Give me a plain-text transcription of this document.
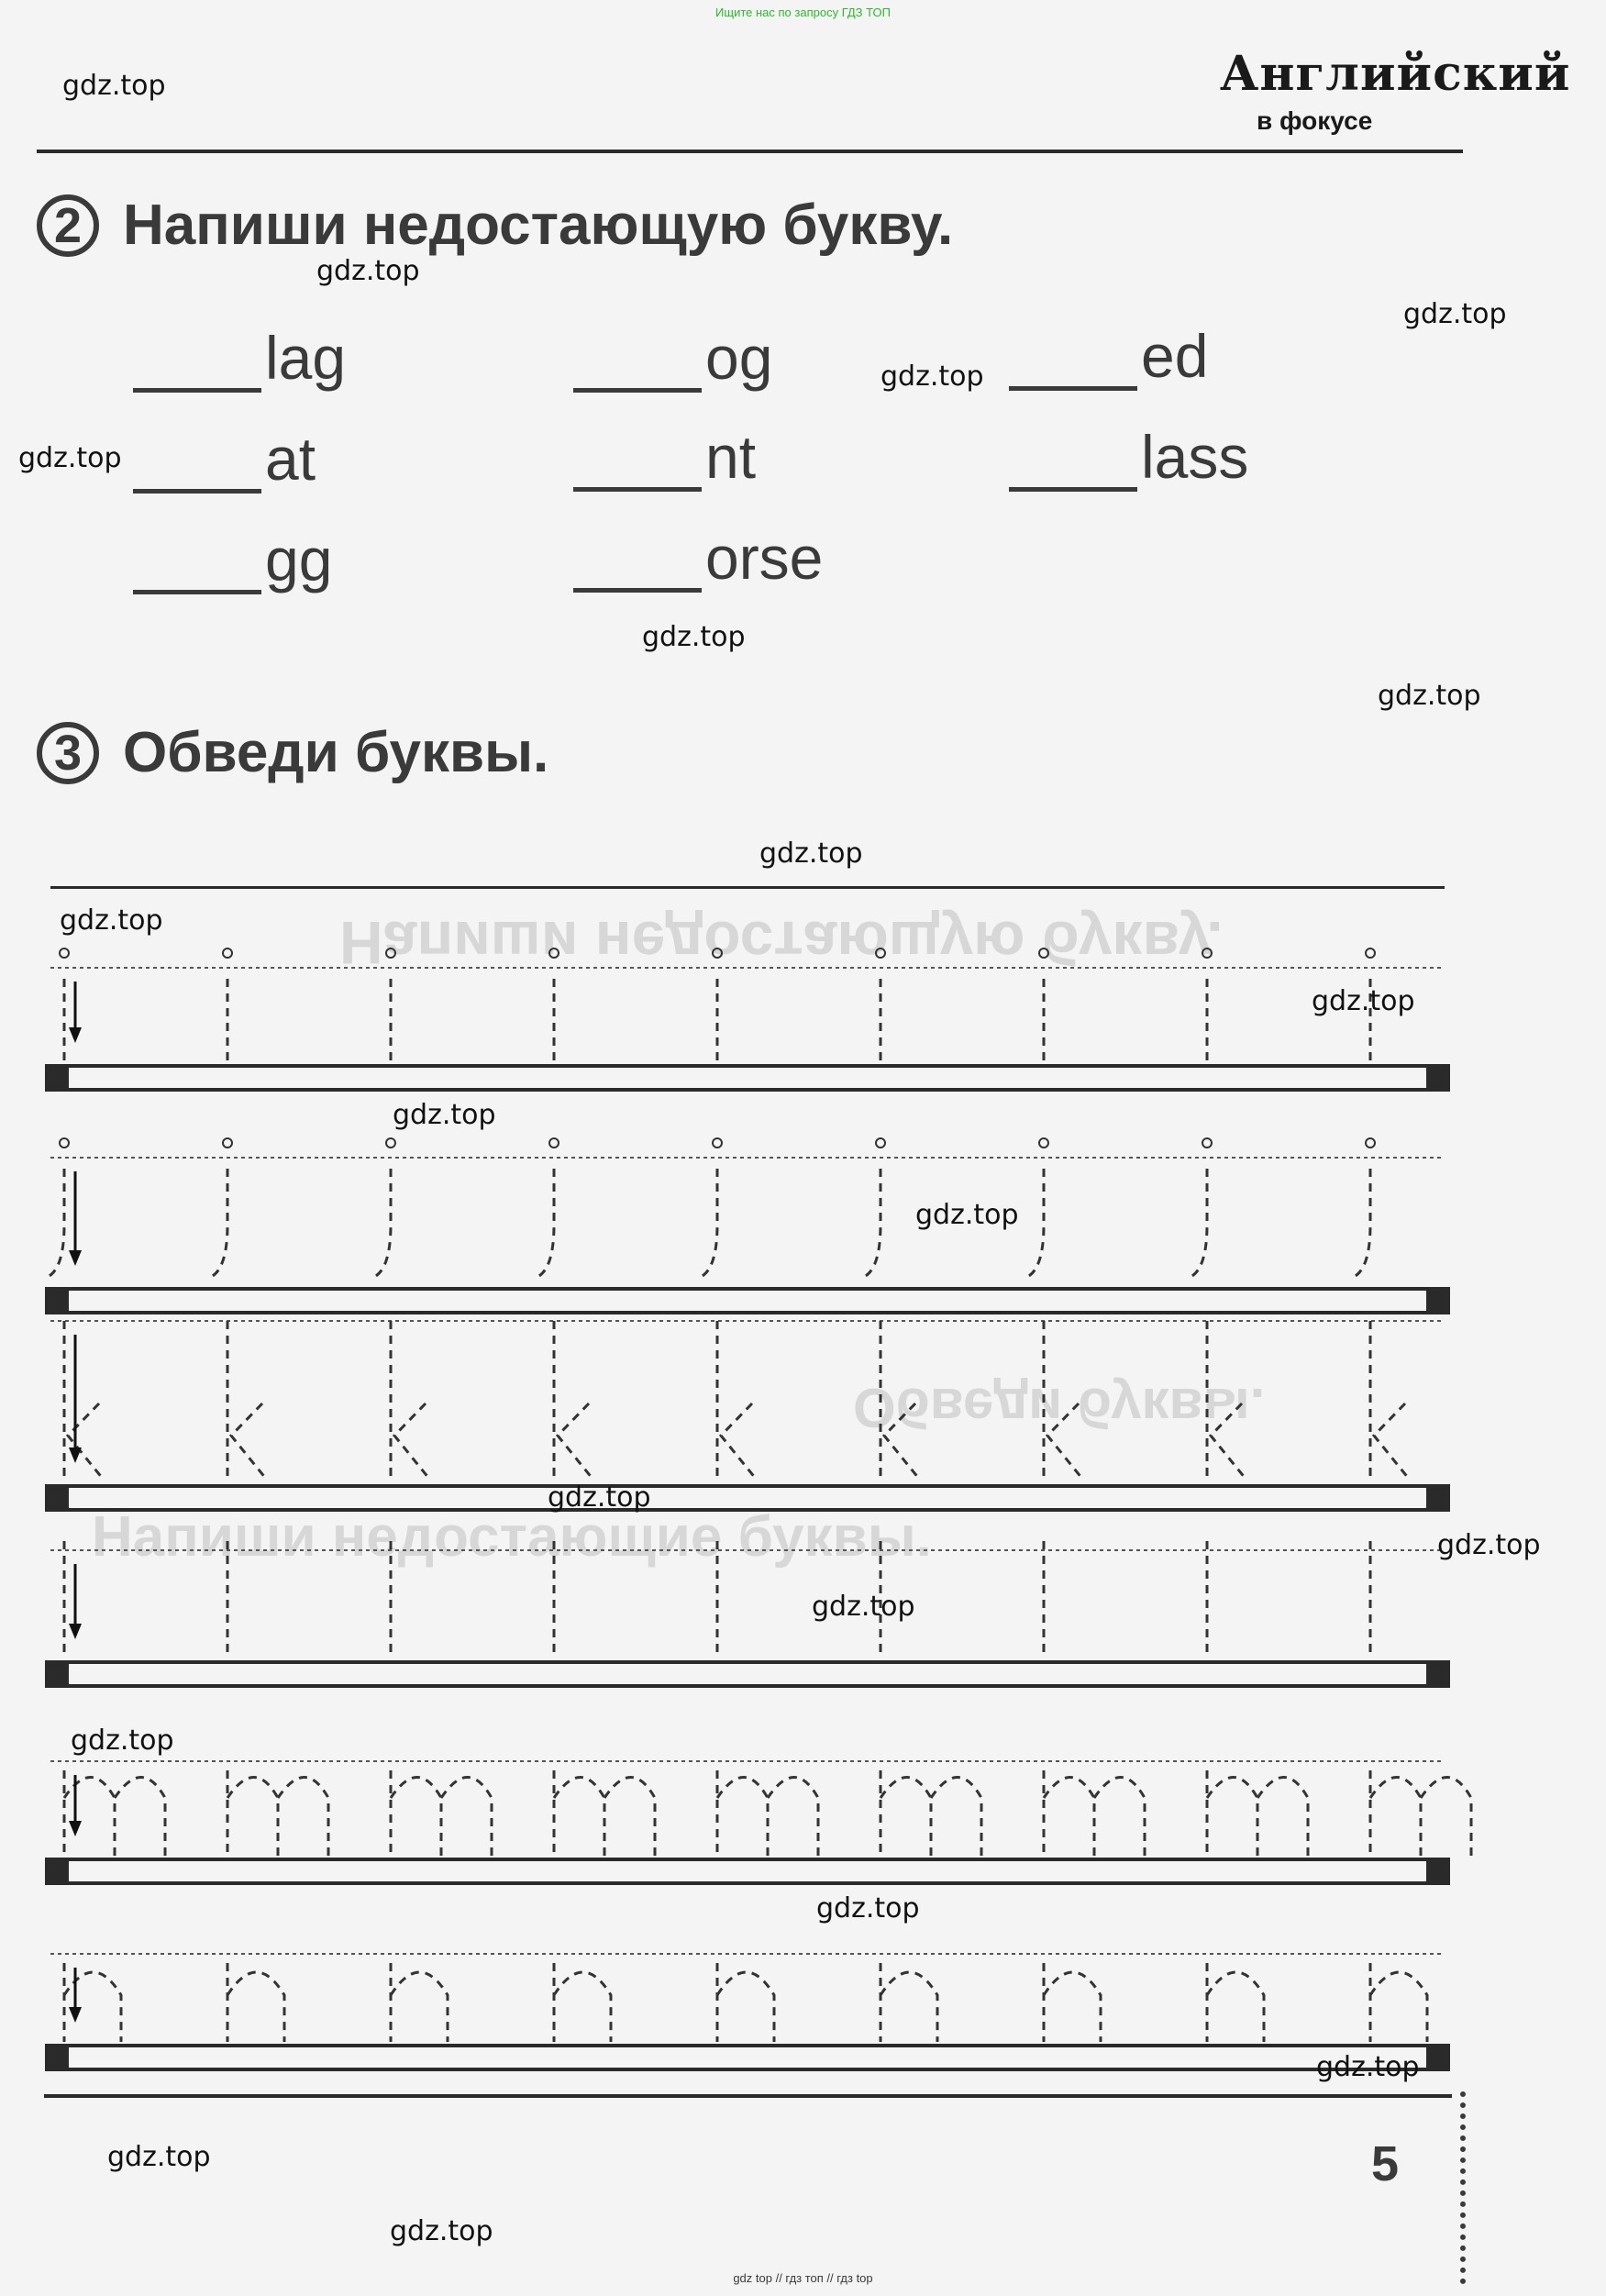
Ищите нас по запросу ГДЗ ТОП
gdz top // гдз топ // гдз top
Напиши недостающую букву.
Обведи буквы.
Напиши недостающие буквы.
Английский
в фокусе
2 Напиши недостающую букву.
lag	og	ed
at	nt	lass
gg	orse
3 Обведи буквы.
5
gdz.top
gdz.top
gdz.top
gdz.top
gdz.top
gdz.top
gdz.top
gdz.top
gdz.top
gdz.top
gdz.top
gdz.top
gdz.top
gdz.top
gdz.top
gdz.top
gdz.top
gdz.top
gdz.top
gdz.top
